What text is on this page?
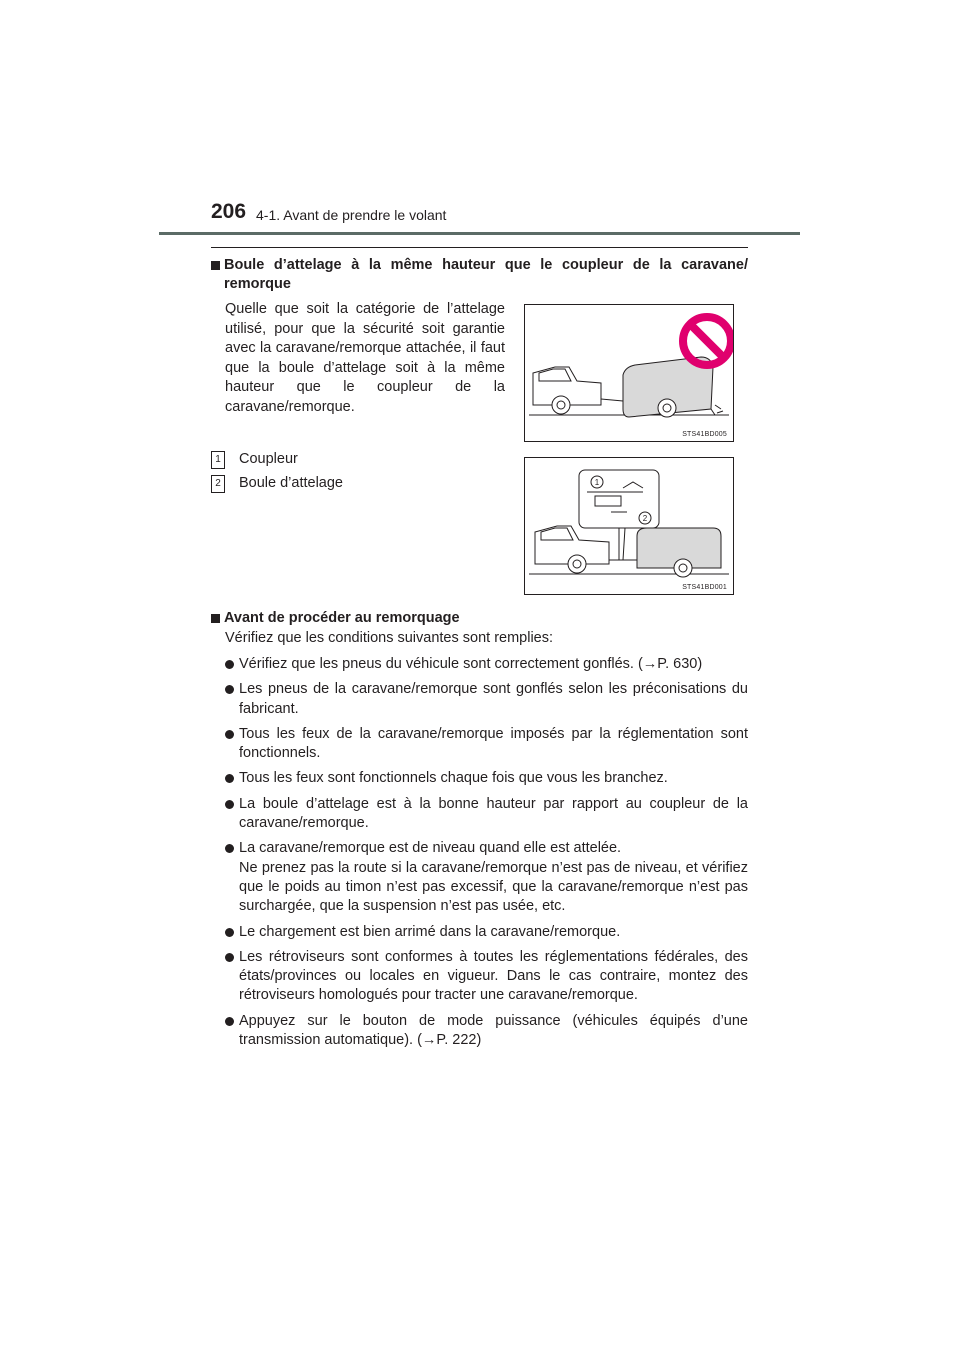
206 4-1. Avant de prendre le volant
Boule d’attelage à la même hauteur que le coupleur de la caravane/ remorque
Quelle que soit la catégorie de l’attelage utilisé, pour que la sécurité soit garantie avec la caravane/remorque attachée, il faut que la boule d’attelage soit à la même hauteur que le coupleur de la caravane/remorque.
1 Coupleur
2 Boule d’attelage
STS41BD005
1
2
STS41BD001
Avant de procéder au remorquage
Vérifiez que les conditions suivantes sont remplies:
Vérifiez que les pneus du véhicule sont correctement gonflés. (→P. 630)
Les pneus de la caravane/remorque sont gonflés selon les préconisations du fabricant.
Tous les feux de la caravane/remorque imposés par la réglementation sont fonctionnels.
Tous les feux sont fonctionnels chaque fois que vous les branchez.
La boule d’attelage est à la bonne hauteur par rapport au coupleur de la caravane/remorque.
La caravane/remorque est de niveau quand elle est attelée.
Ne prenez pas la route si la caravane/remorque n’est pas de niveau, et vérifiez que le poids au timon n’est pas excessif, que la caravane/remorque n’est pas surchargée, que la suspension n’est pas usée, etc.
Le chargement est bien arrimé dans la caravane/remorque.
Les rétroviseurs sont conformes à toutes les réglementations fédérales, des états/provinces ou locales en vigueur. Dans le cas contraire, montez des rétroviseurs homologués pour tracter une caravane/remorque.
Appuyez sur le bouton de mode puissance (véhicules équipés d’une transmission automatique). (→P. 222)
